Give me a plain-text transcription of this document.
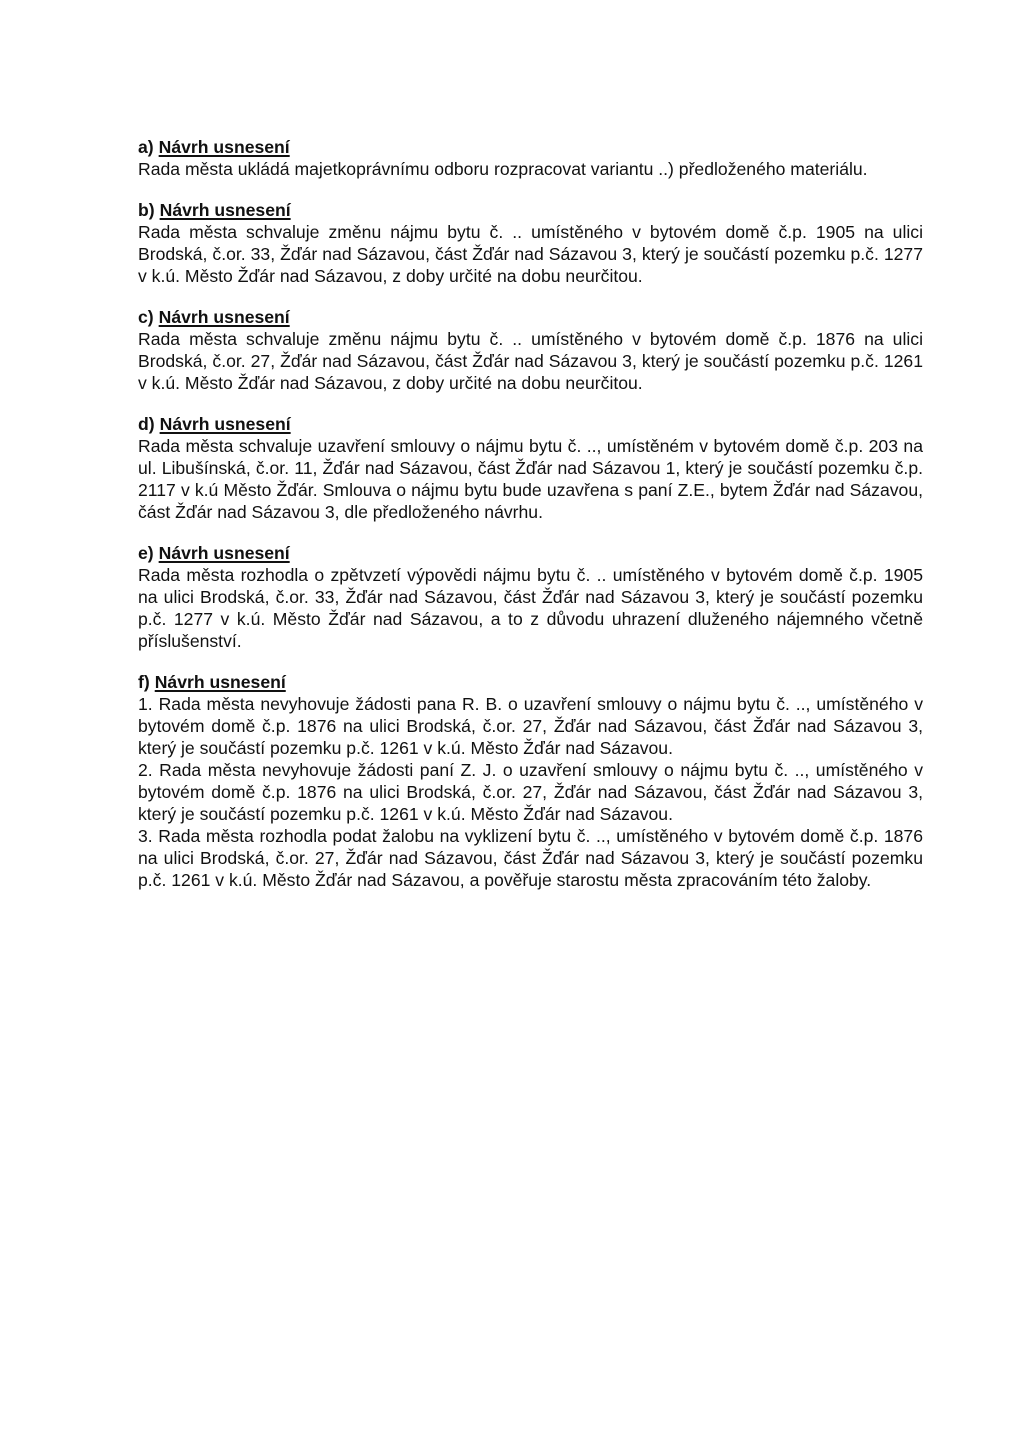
a) Návrh usnesení

Rada města ukládá majetkoprávnímu odboru rozpracovat variantu ..) předloženého materiálu.

b) Návrh usnesení

Rada města schvaluje změnu nájmu bytu č. .. umístěného v bytovém domě č.p. 1905 na ulici Brodská, č.or. 33, Žďár nad Sázavou, část Žďár nad Sázavou 3, který je součástí pozemku p.č. 1277 v k.ú. Město Žďár nad Sázavou, z doby určité na dobu neurčitou.

c) Návrh usnesení

Rada města schvaluje změnu nájmu bytu č. .. umístěného v bytovém domě č.p. 1876 na ulici Brodská, č.or. 27, Žďár nad Sázavou, část Žďár nad Sázavou 3, který je součástí pozemku p.č. 1261 v k.ú. Město Žďár nad Sázavou, z doby určité na dobu neurčitou.

d) Návrh usnesení

Rada města schvaluje uzavření smlouvy o nájmu bytu č. .., umístěném v bytovém domě č.p. 203 na ul. Libušínská, č.or. 11, Žďár nad Sázavou, část Žďár nad Sázavou 1, který je součástí pozemku č.p. 2117 v k.ú Město Žďár. Smlouva o nájmu bytu bude uzavřena s paní Z.E., bytem Žďár nad Sázavou, část Žďár nad Sázavou 3, dle předloženého návrhu.

e) Návrh usnesení

Rada města rozhodla o zpětvzetí výpovědi nájmu bytu č. .. umístěného v bytovém domě č.p. 1905 na ulici Brodská, č.or. 33, Žďár nad Sázavou, část Žďár nad Sázavou 3, který je součástí pozemku p.č. 1277 v k.ú. Město Žďár nad Sázavou, a to z důvodu uhrazení dluženého nájemného včetně příslušenství.

f) Návrh usnesení

1. Rada města nevyhovuje žádosti pana R. B. o uzavření smlouvy o nájmu bytu č. .., umístěného v bytovém domě č.p. 1876 na ulici Brodská, č.or. 27, Žďár nad Sázavou, část Žďár nad Sázavou 3, který je součástí pozemku p.č. 1261 v k.ú. Město Žďár nad Sázavou.

2. Rada města nevyhovuje žádosti paní Z. J. o uzavření smlouvy o nájmu bytu č. .., umístěného v bytovém domě č.p. 1876 na ulici Brodská, č.or. 27, Žďár nad Sázavou, část Žďár nad Sázavou 3, který je součástí pozemku p.č. 1261 v k.ú. Město Žďár nad Sázavou.

3. Rada města rozhodla podat žalobu na vyklizení bytu č. .., umístěného v bytovém domě č.p. 1876 na ulici Brodská, č.or. 27, Žďár nad Sázavou, část Žďár nad Sázavou 3, který je součástí pozemku p.č. 1261 v k.ú. Město Žďár nad Sázavou, a pověřuje starostu města zpracováním této žaloby.
